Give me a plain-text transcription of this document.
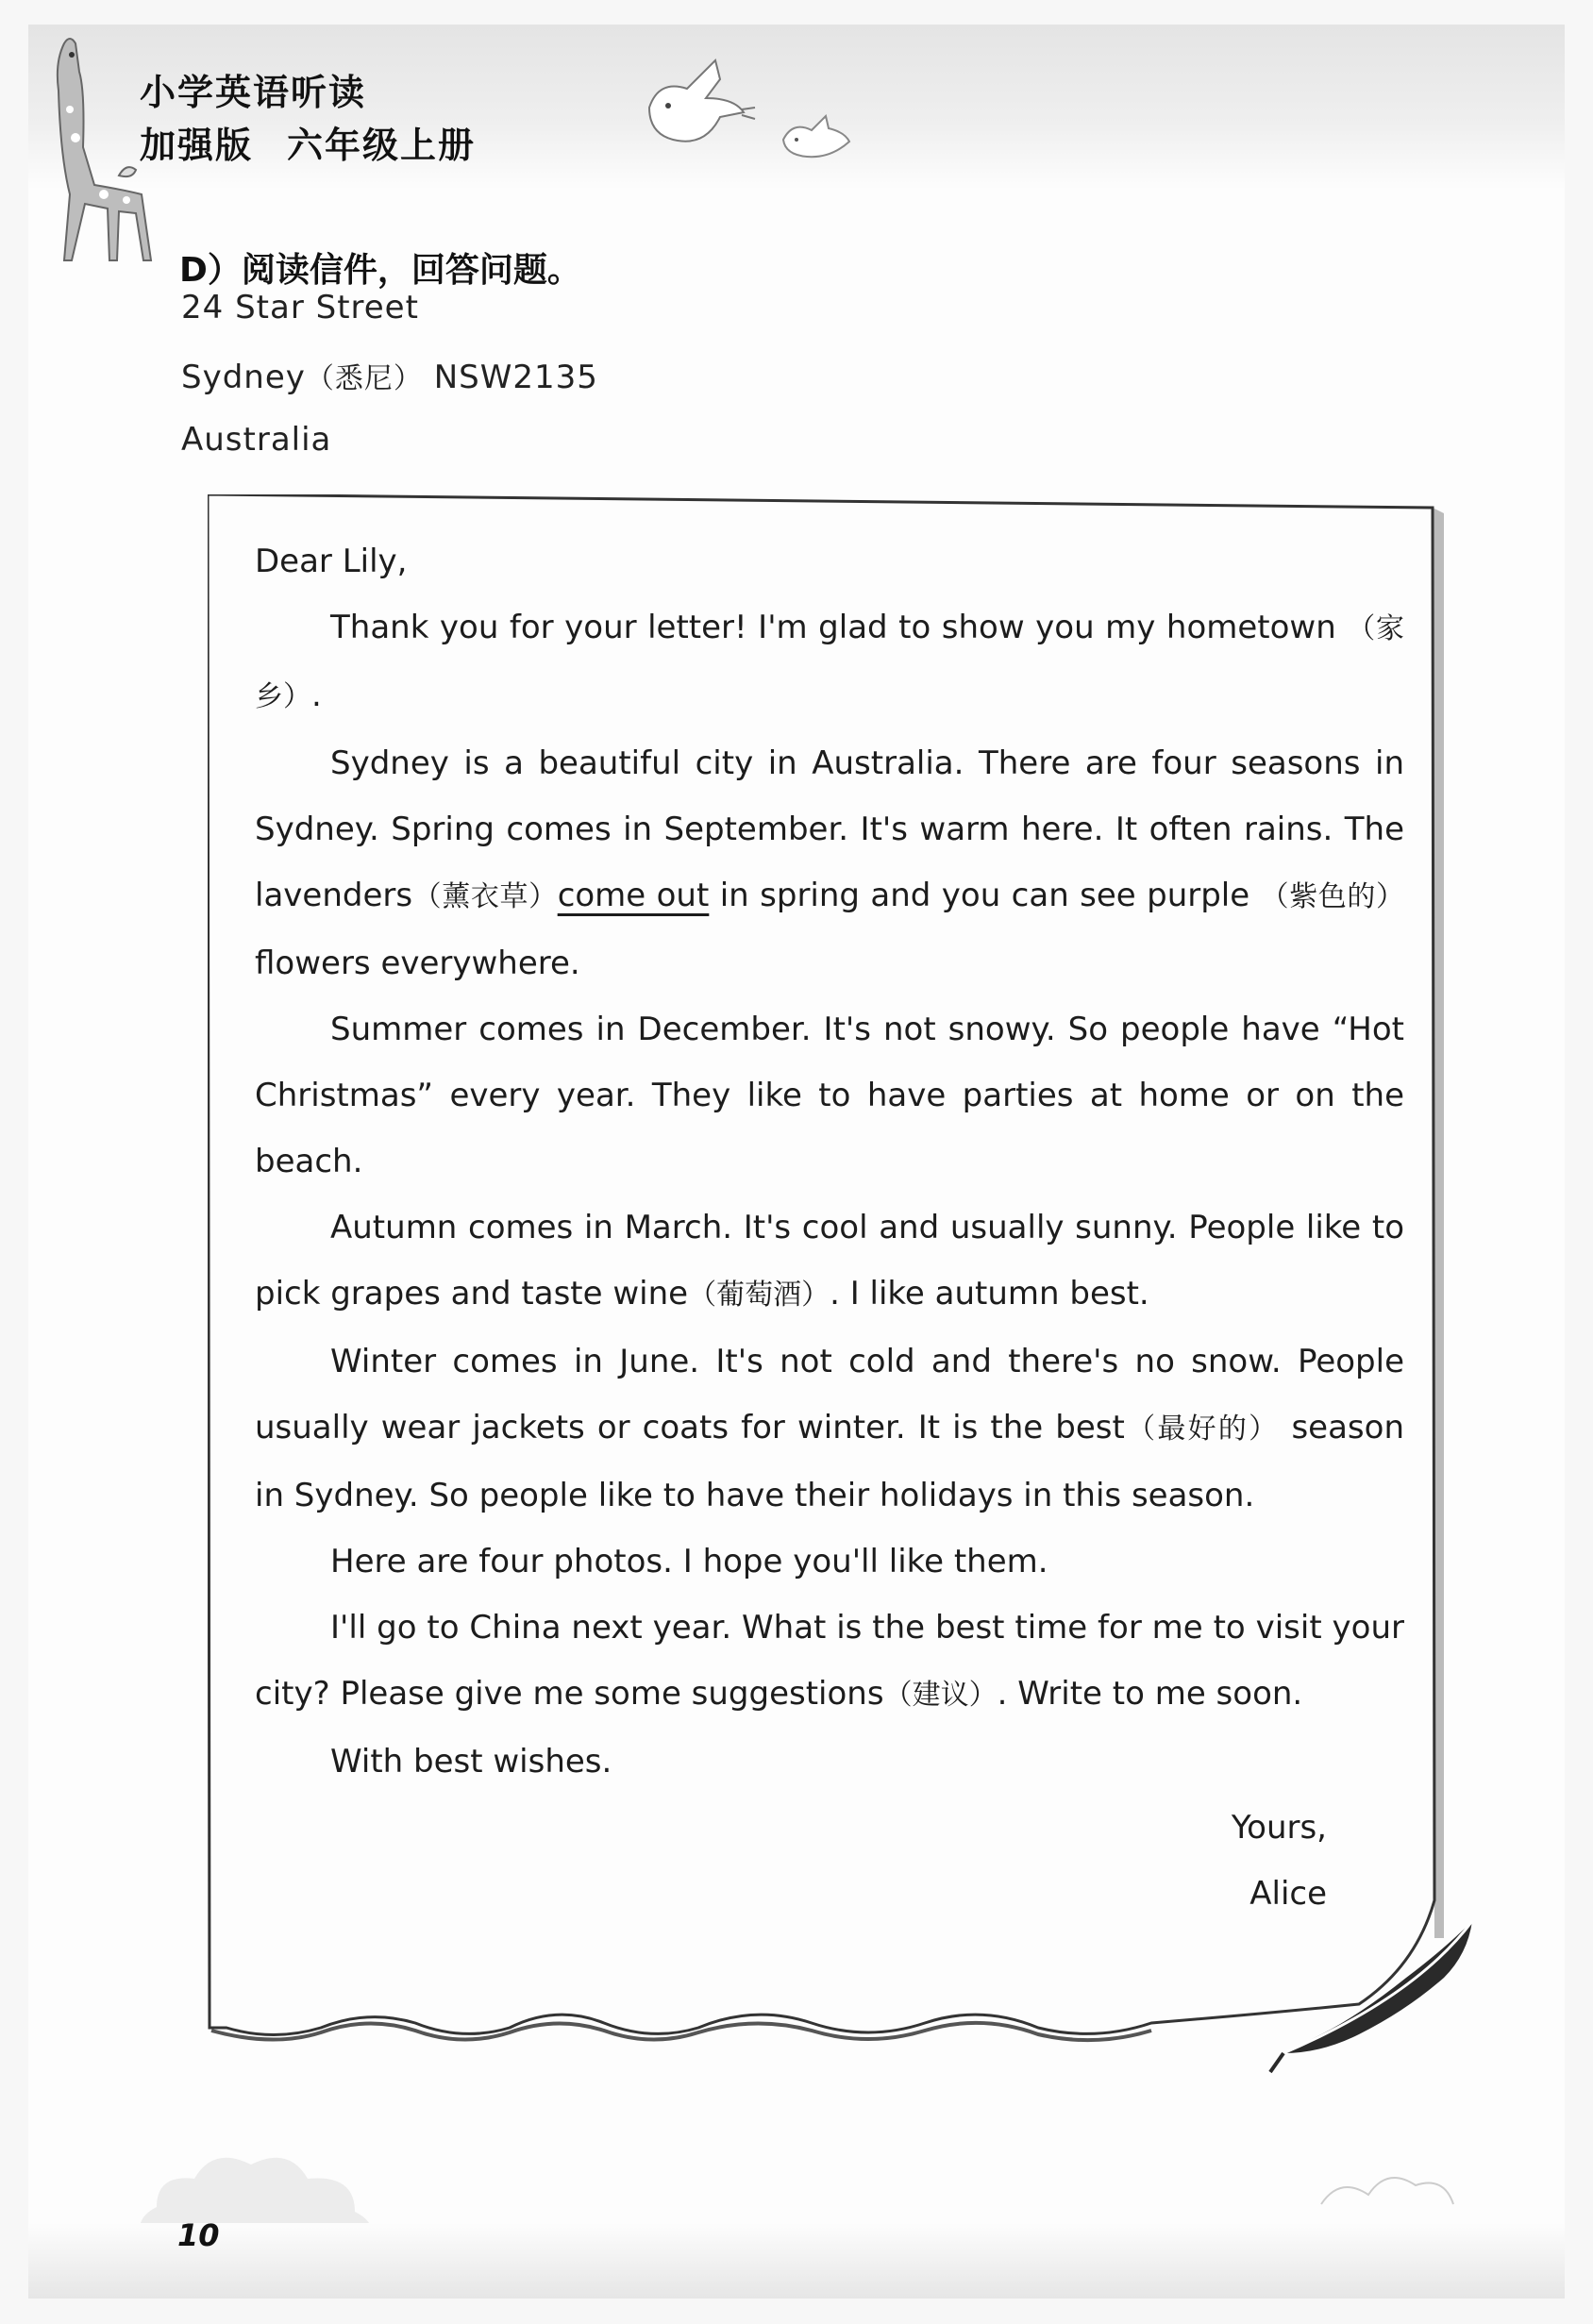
小学英语听读
加强版 六年级上册
D）阅读信件，回答问题。
24 Star Street
Sydney（悉尼） NSW2135
Australia

Dear Lily,

Thank you for your letter! I'm glad to show you my hometown （家乡）.

Sydney is a beautiful city in Australia. There are four seasons in Sydney. Spring comes in September. It's warm here. It often rains. The lavenders（薰衣草）come out in spring and you can see purple （紫色的） flowers everywhere.

Summer comes in December. It's not snowy. So people have “Hot Christmas” every year. They like to have parties at home or on the beach.

Autumn comes in March. It's cool and usually sunny. People like to pick grapes and taste wine（葡萄酒）. I like autumn best.

Winter comes in June. It's not cold and there's no snow. People usually wear jackets or coats for winter. It is the best（最好的） season in Sydney. So people like to have their holidays in this season.

Here are four photos. I hope you'll like them.

I'll go to China next year. What is the best time for me to visit your city? Please give me some suggestions（建议）. Write to me soon.

With best wishes.

Yours,
Alice
10
